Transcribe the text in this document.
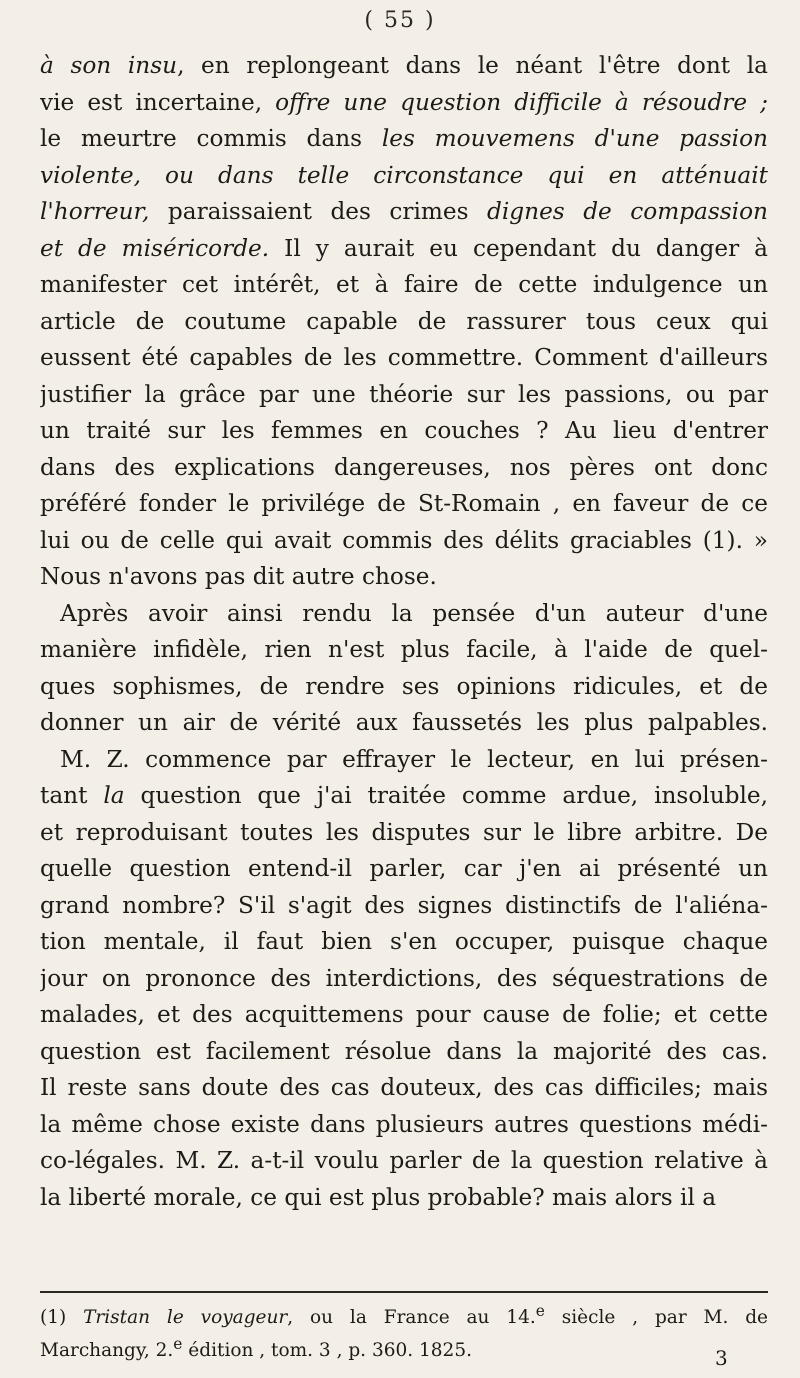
( 55 )
à son insu, en replongeant dans le néant l'être dont la
vie est incertaine, offre une question difficile à résoudre ;
le meurtre commis dans les mouvemens d'une passion
violente, ou dans telle circonstance qui en atténuait
l'horreur, paraissaient des crimes dignes de compassion
et de miséricorde. Il y aurait eu cependant du danger à
manifester cet intérêt, et à faire de cette indulgence un
article de coutume capable de rassurer tous ceux qui
eussent été capables de les commettre. Comment d'ailleurs
justifier la grâce par une théorie sur les passions, ou par
un traité sur les femmes en couches ? Au lieu d'entrer
dans des explications dangereuses, nos pères ont donc
préféré fonder le privilége de St-Romain , en faveur de ce
lui ou de celle qui avait commis des délits graciables (1). »
Nous n'avons pas dit autre chose.
Après avoir ainsi rendu la pensée d'un auteur d'une
manière infidèle, rien n'est plus facile, à l'aide de quel-
ques sophismes, de rendre ses opinions ridicules, et de
donner un air de vérité aux faussetés les plus palpables.
M. Z. commence par effrayer le lecteur, en lui présen-
tant la question que j'ai traitée comme ardue, insoluble,
et reproduisant toutes les disputes sur le libre arbitre. De
quelle question entend-il parler, car j'en ai présenté un
grand nombre? S'il s'agit des signes distinctifs de l'aliéna-
tion mentale, il faut bien s'en occuper, puisque chaque
jour on prononce des interdictions, des séquestrations de
malades, et des acquittemens pour cause de folie; et cette
question est facilement résolue dans la majorité des cas.
Il reste sans doute des cas douteux, des cas difficiles; mais
la même chose existe dans plusieurs autres questions médi-
co-légales. M. Z. a-t-il voulu parler de la question relative à
la liberté morale, ce qui est plus probable? mais alors il a
(1) Tristan le voyageur, ou la France au 14.$^e$ siècle , par M. de
Marchangy, 2.$^e$ édition , tom. 3 , p. 360. 1825.	3
